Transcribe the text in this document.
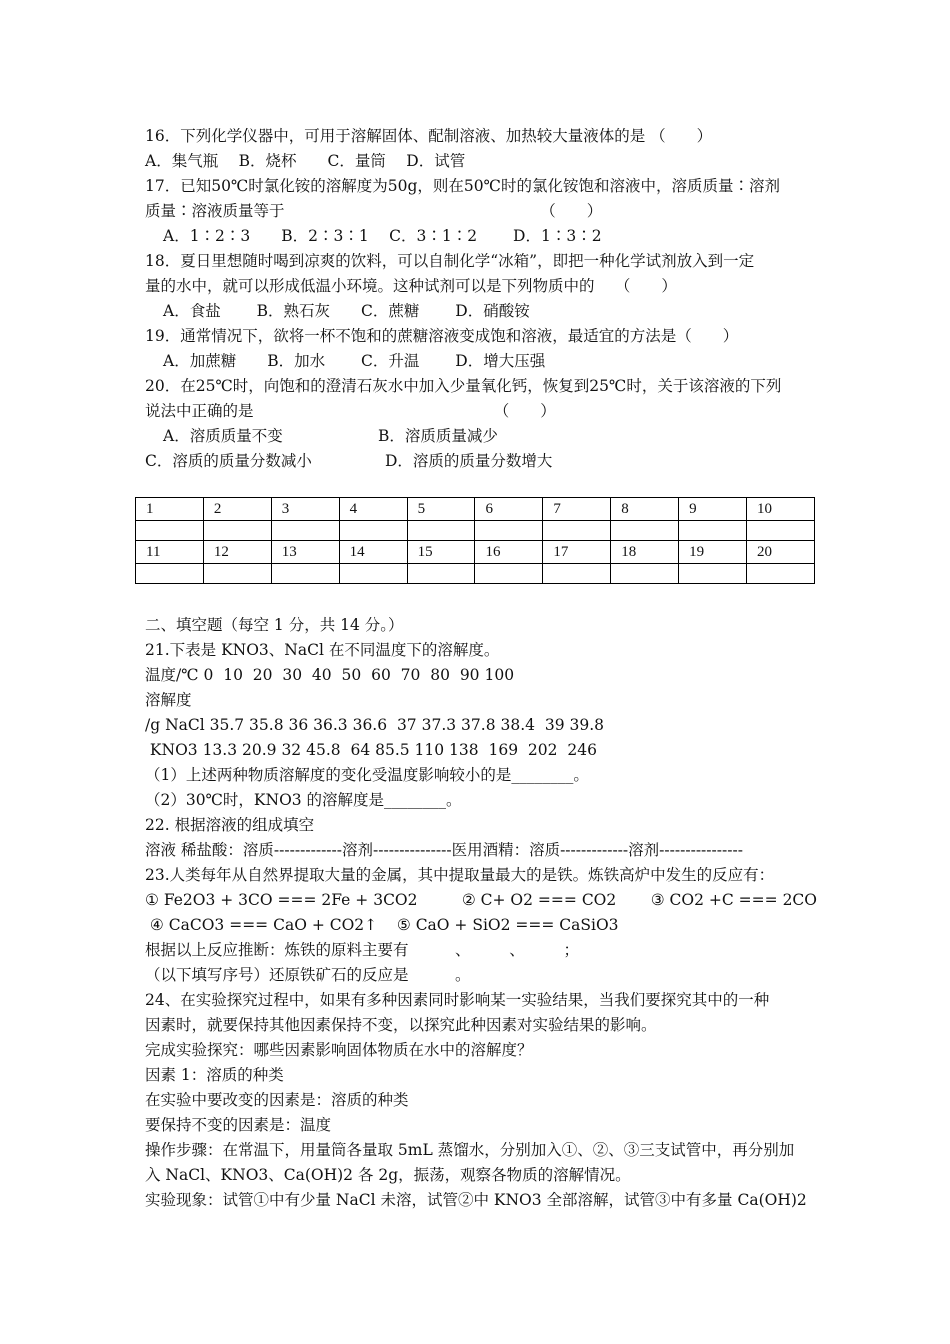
16．下列化学仪器中，可用于溶解固体、配制溶液、加热较大量液体的是 （　　）
A．集气瓶　 B．烧杯　　C．量筒　 D．试管
17．已知50℃时氯化铵的溶解度为50g，则在50℃时的氯化铵饱和溶液中，溶质质量∶溶剂
质量∶溶液质量等于　　　　　　　　　　　　　　　　　（　　）
A．1∶2∶3　　B．2∶3∶1　 C．3∶1∶2　　 D．1∶3∶2
18．夏日里想随时喝到凉爽的饮料，可以自制化学“冰箱”，即把一种化学试剂放入到一定
量的水中，就可以形成低温小环境。这种试剂可以是下列物质中的　 （　　）
A．食盐　　 B．熟石灰　　C．蔗糖　　 D．硝酸铵
19．通常情况下，欲将一杯不饱和的蔗糖溶液变成饱和溶液，最适宜的方法是（　　）
A．加蔗糖　　B．加水　　 C．升温　　 D．增大压强
20．在25℃时，向饱和的澄清石灰水中加入少量氧化钙，恢复到25℃时，关于该溶液的下列
说法中正确的是　　　　　　　　　　　　　　　　（　　）
A．溶质质量不变	B．溶质质量减少
C．溶质的质量分数减小	D．溶质的质量分数增大
1	2	3	4	5	6	7	8	9	10

11	12	13	14	15	16	17	18	19	20

二、填空题（每空 1 分，共 14 分。）
21.下表是 KNO3、NaCl 在不同温度下的溶解度。
温度/℃ 0  10  20  30  40  50  60  70  80  90 100
溶解度
/g NaCl 35.7 35.8 36 36.3 36.6  37 37.3 37.8 38.4  39 39.8
KNO3 13.3 20.9 32 45.8  64 85.5 110 138  169  202  246
（1）上述两种物质溶解度的变化受温度影响较小的是________。
（2）30℃时，KNO3 的溶解度是________。
22. 根据溶液的组成填空
溶液 稀盐酸：溶质-------------溶剂---------------医用酒精：溶质-------------溶剂----------------
23.人类每年从自然界提取大量的金属，其中提取量最大的是铁。炼铁高炉中发生的反应有：
① Fe2O3 + 3CO === 2Fe + 3CO2         ② C+ O2 === CO2       ③ CO2 +C === 2CO
④ CaCO3 === CaO + CO2↑    ⑤ CaO + SiO2 === CaSiO3
根据以上反应推断：炼铁的原料主要有　　　、　　　、　　　；
（以下填写序号）还原铁矿石的反应是　　　。
24、在实验探究过程中，如果有多种因素同时影响某一实验结果，当我们要探究其中的一种
因素时，就要保持其他因素保持不变，以探究此种因素对实验结果的影响。
完成实验探究：哪些因素影响固体物质在水中的溶解度？
因素 1：溶质的种类
在实验中要改变的因素是：溶质的种类
要保持不变的因素是：温度
操作步骤：在常温下，用量筒各量取 5mL 蒸馏水，分别加入①、②、③三支试管中，再分别加
入 NaCl、KNO3、Ca(OH)2 各 2g，振荡，观察各物质的溶解情况。
实验现象：试管①中有少量 NaCl 未溶，试管②中 KNO3 全部溶解，试管③中有多量 Ca(OH)2
